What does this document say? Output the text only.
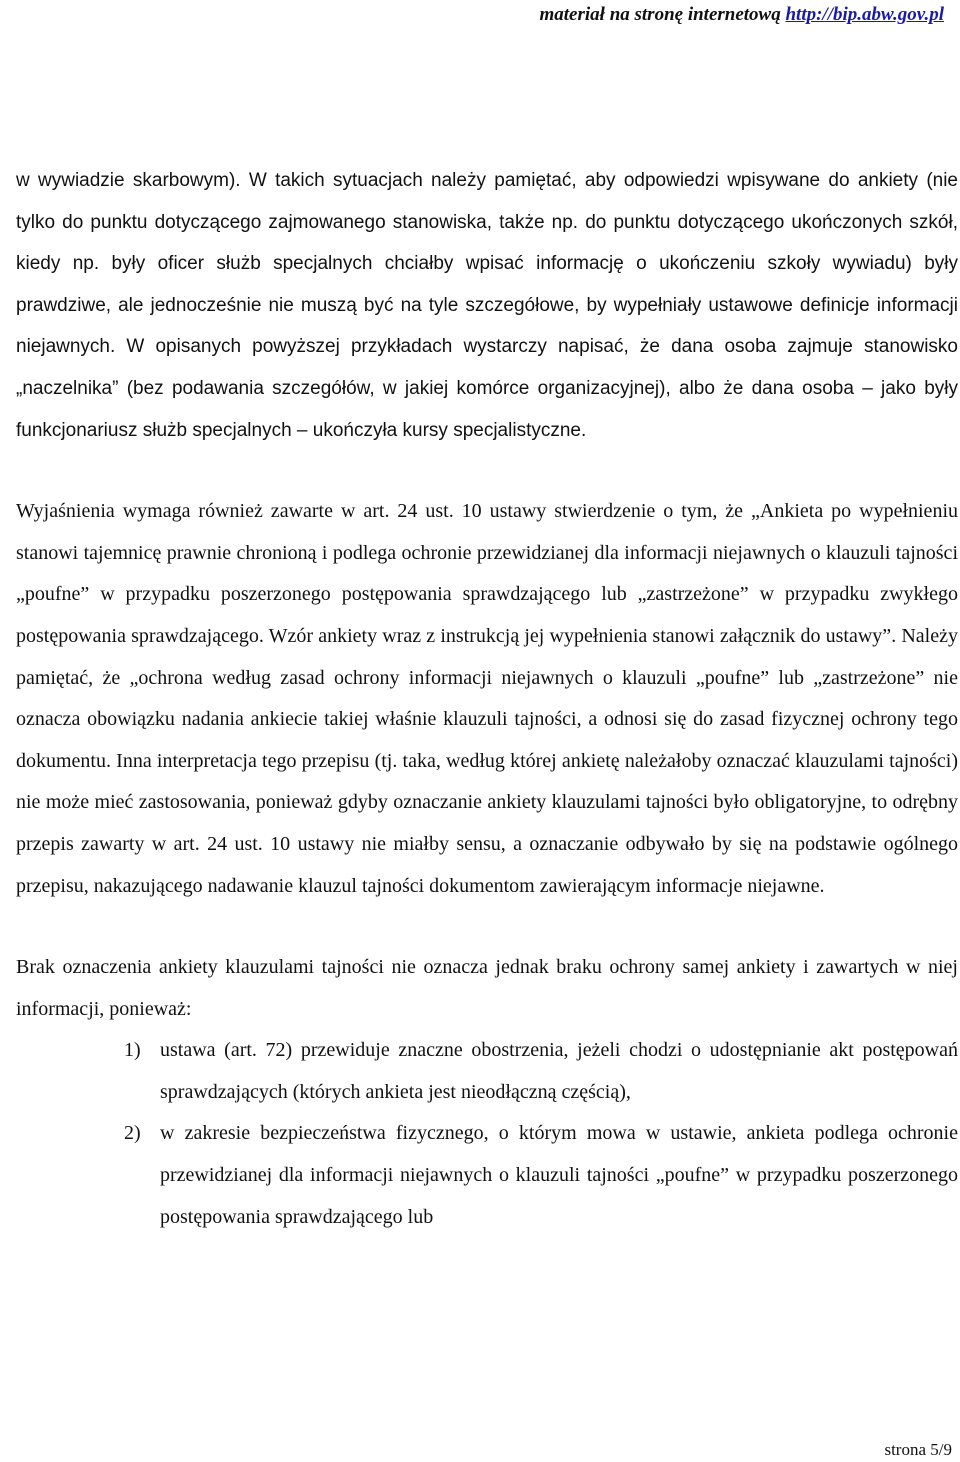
materiał na stronę internetową http://bip.abw.gov.pl

w wywiadzie skarbowym). W takich sytuacjach należy pamiętać, aby odpowiedzi wpisywane do ankiety (nie tylko do punktu dotyczącego zajmowanego stanowiska, także np. do punktu dotyczącego ukończonych szkół, kiedy np. były oficer służb specjalnych chciałby wpisać informację o ukończeniu szkoły wywiadu) były prawdziwe, ale jednocześnie nie muszą być na tyle szczegółowe, by wypełniały ustawowe definicje informacji niejawnych. W opisanych powyższej przykładach wystarczy napisać, że dana osoba zajmuje stanowisko „naczelnika” (bez podawania szczegółów, w jakiej komórce organizacyjnej), albo że dana osoba – jako były funkcjonariusz służb specjalnych – ukończyła kursy specjalistyczne.

Wyjaśnienia wymaga również zawarte w art. 24 ust. 10 ustawy stwierdzenie o tym, że „Ankieta po wypełnieniu stanowi tajemnicę prawnie chronioną i podlega ochronie przewidzianej dla informacji niejawnych o klauzuli tajności „poufne” w przypadku poszerzonego postępowania sprawdzającego lub „zastrzeżone” w przypadku zwykłego postępowania sprawdzającego. Wzór ankiety wraz z instrukcją jej wypełnienia stanowi załącznik do ustawy”. Należy pamiętać, że „ochrona według zasad ochrony informacji niejawnych o klauzuli „poufne” lub „zastrzeżone” nie oznacza obowiązku nadania ankiecie takiej właśnie klauzuli tajności, a odnosi się do zasad fizycznej ochrony tego dokumentu. Inna interpretacja tego przepisu (tj. taka, według której ankietę należałoby oznaczać klauzulami tajności) nie może mieć zastosowania, ponieważ gdyby oznaczanie ankiety klauzulami tajności było obligatoryjne, to odrębny przepis zawarty w art. 24 ust. 10 ustawy nie miałby sensu, a oznaczanie odbywało by się na podstawie ogólnego przepisu, nakazującego nadawanie klauzul tajności dokumentom zawierającym informacje niejawne.

Brak oznaczenia ankiety klauzulami tajności nie oznacza jednak braku ochrony samej ankiety i zawartych w niej informacji, ponieważ:

1) ustawa (art. 72) przewiduje znaczne obostrzenia, jeżeli chodzi o udostępnianie akt postępowań sprawdzających (których ankieta jest nieodłączną częścią),
2) w zakresie bezpieczeństwa fizycznego, o którym mowa w ustawie, ankieta podlega ochronie przewidzianej dla informacji niejawnych o klauzuli tajności „poufne” w przypadku poszerzonego postępowania sprawdzającego lub
strona 5/9
